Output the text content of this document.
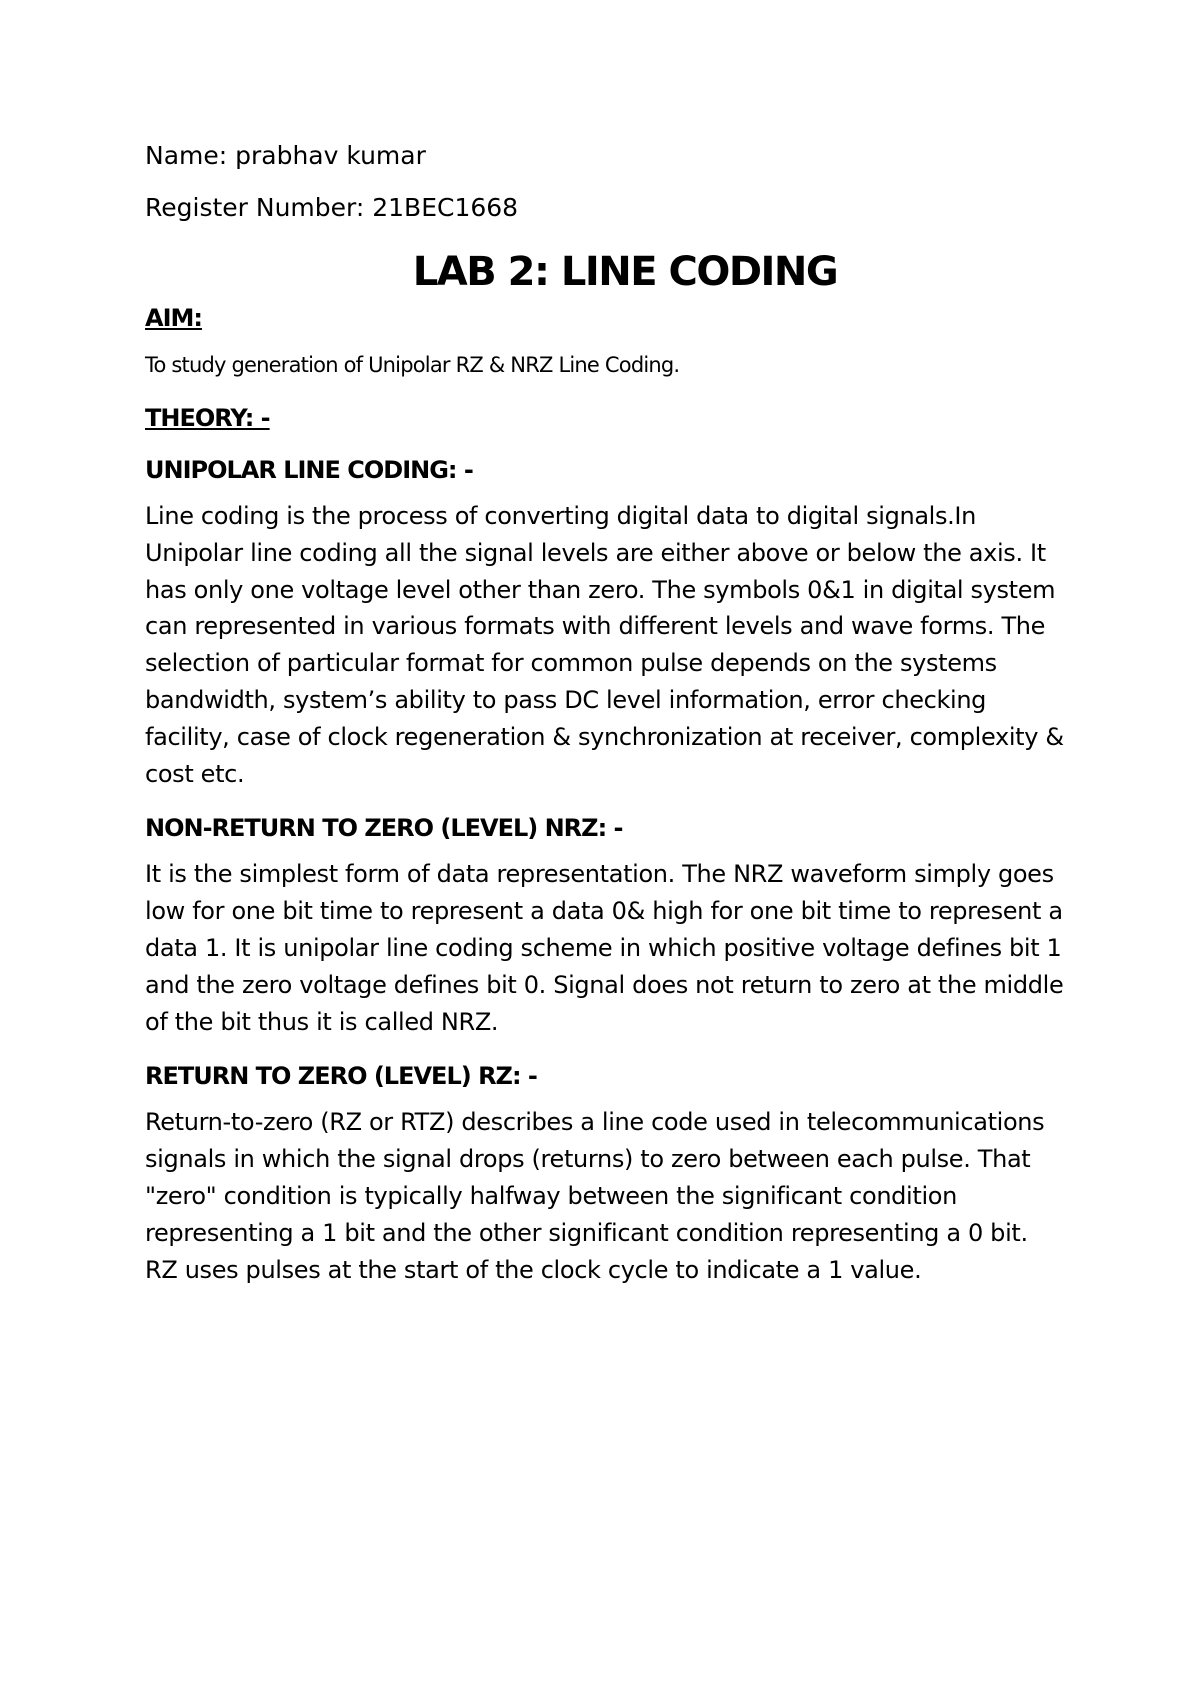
Name: prabhav kumar

Register Number: 21BEC1668

LAB 2: LINE CODING
AIM:

To study generation of Unipolar RZ & NRZ Line Coding.

THEORY: -
UNIPOLAR LINE CODING: -

Line coding is the process of converting digital data to digital signals.In Unipolar line coding all the signal levels are either above or below the axis. It has only one voltage level other than zero. The symbols 0&1 in digital system can represented in various formats with different levels and wave forms. The selection of particular format for common pulse depends on the systems bandwidth, system’s ability to pass DC level information, error checking facility, case of clock regeneration & synchronization at receiver, complexity & cost etc.

NON-RETURN TO ZERO (LEVEL) NRZ: -

It is the simplest form of data representation. The NRZ waveform simply goes low for one bit time to represent a data 0& high for one bit time to represent a data 1. It is unipolar line coding scheme in which positive voltage defines bit 1 and the zero voltage defines bit 0. Signal does not return to zero at the middle of the bit thus it is called NRZ.

RETURN TO ZERO (LEVEL) RZ: -

Return-to-zero (RZ or RTZ) describes a line code used in telecommunications signals in which the signal drops (returns) to zero between each pulse. That "zero" condition is typically halfway between the significant condition representing a 1 bit and the other significant condition representing a 0 bit. RZ uses pulses at the start of the clock cycle to indicate a 1 value.
